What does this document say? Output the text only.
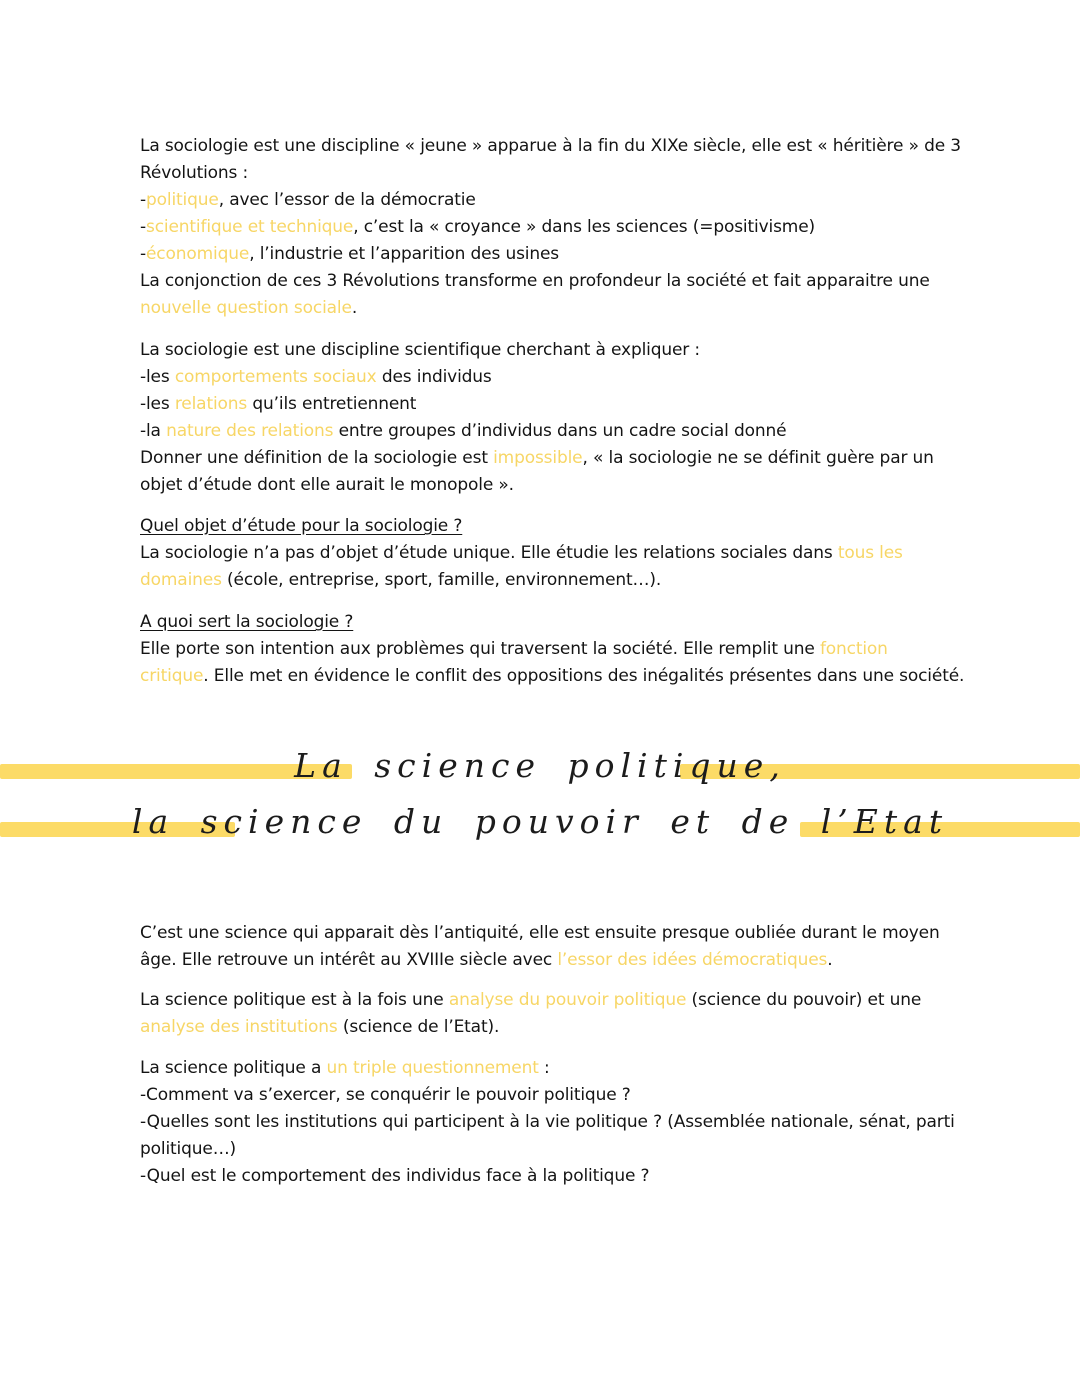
La sociologie est une discipline « jeune » apparue à la fin du XIXe siècle, elle est « héritière » de 3
Révolutions :
-politique, avec l’essor de la démocratie
-scientifique et technique, c’est la « croyance » dans les sciences (=positivisme)
-économique, l’industrie et l’apparition des usines
La conjonction de ces 3 Révolutions transforme en profondeur la société et fait apparaitre une
nouvelle question sociale.
La sociologie est une discipline scientifique cherchant à expliquer :
-les comportements sociaux des individus
-les relations qu’ils entretiennent
-la nature des relations entre groupes d’individus dans un cadre social donné
Donner une définition de la sociologie est impossible, « la sociologie ne se définit guère par un
objet d’étude dont elle aurait le monopole ».
Quel objet d’étude pour la sociologie ?
La sociologie n’a pas d’objet d’étude unique. Elle étudie les relations sociales dans tous les
domaines (école, entreprise, sport, famille, environnement…).
A quoi sert la sociologie ?
Elle porte son intention aux problèmes qui traversent la société. Elle remplit une fonction
critique. Elle met en évidence le conflit des oppositions des inégalités présentes dans une société.
La science politique,
la science du pouvoir et de l’Etat
C’est une science qui apparait dès l’antiquité, elle est ensuite presque oubliée durant le moyen
âge. Elle retrouve un intérêt au XVIIIe siècle avec l’essor des idées démocratiques.
La science politique est à la fois une analyse du pouvoir politique (science du pouvoir) et une
analyse des institutions (science de l’Etat).
La science politique a un triple questionnement :
-Comment va s’exercer, se conquérir le pouvoir politique ?
-Quelles sont les institutions qui participent à la vie politique ? (Assemblée nationale, sénat, parti
politique…)
-Quel est le comportement des individus face à la politique ?
